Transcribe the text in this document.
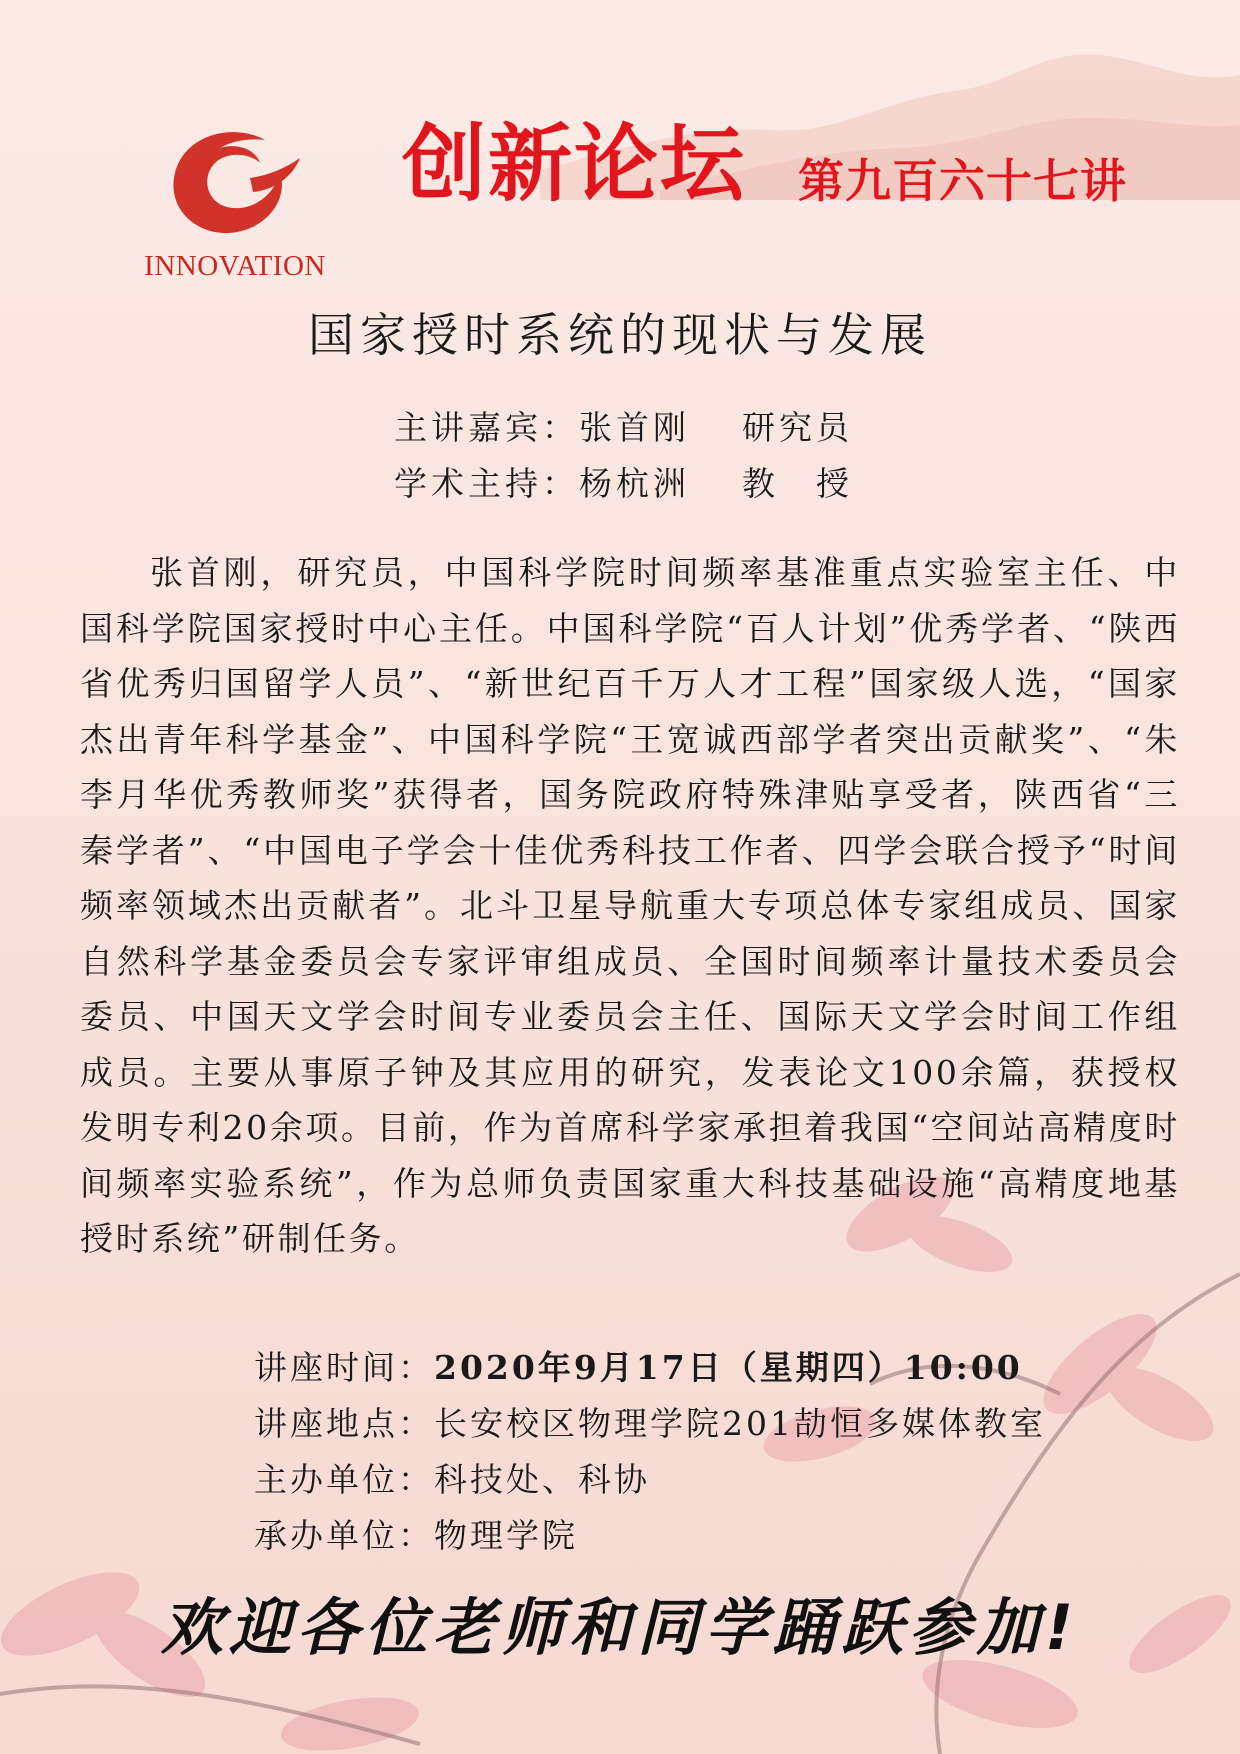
INNOVATION
创新论坛 第九百六十七讲
国家授时系统的现状与发展
主讲嘉宾：张首刚 研究员
学术主持：杨杭洲 教　授
张首刚，研究员，中国科学院时间频率基准重点实验室主任、中国科学院国家授时中心主任。中国科学院“百人计划”优秀学者、“陕西省优秀归国留学人员”、“新世纪百千万人才工程”国家级人选，“国家杰出青年科学基金”、中国科学院“王宽诚西部学者突出贡献奖”、“朱李月华优秀教师奖”获得者，国务院政府特殊津贴享受者，陕西省“三秦学者”、“中国电子学会十佳优秀科技工作者、四学会联合授予“时间频率领域杰出贡献者”。北斗卫星导航重大专项总体专家组成员、国家自然科学基金委员会专家评审组成员、全国时间频率计量技术委员会委员、中国天文学会时间专业委员会主任、国际天文学会时间工作组成员。主要从事原子钟及其应用的研究，发表论文100余篇，获授权发明专利20余项。目前，作为首席科学家承担着我国“空间站高精度时间频率实验系统”，作为总师负责国家重大科技基础设施“高精度地基授时系统”研制任务。
讲座时间：2020年9月17日（星期四）10:00
讲座地点：长安校区物理学院201劼恒多媒体教室
主办单位：科技处、科协
承办单位：物理学院
欢迎各位老师和同学踊跃参加!
